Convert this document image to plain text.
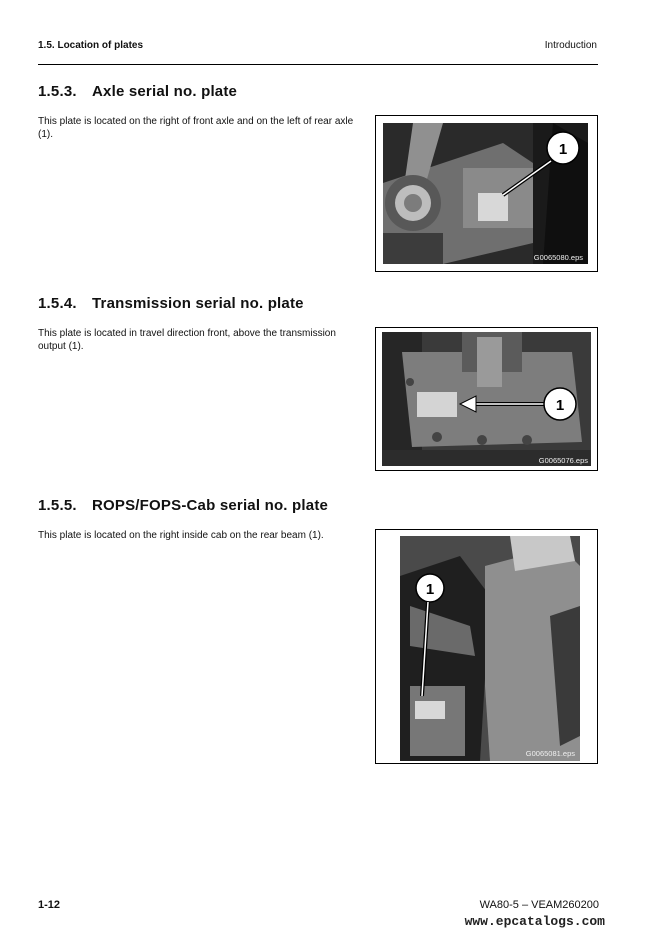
1.5. Location of plates	Introduction
1.5.3. Axle serial no. plate
This plate is located on the right of front axle and on the left of rear axle (1).
1
G0065080.eps
1.5.4. Transmission serial no. plate
This plate is located in travel direction front, above the transmission output (1).
1
G0065076.eps
1.5.5. ROPS/FOPS-Cab serial no. plate
This plate is located on the right inside cab on the rear beam (1).
1
G0065081.eps
1-12	WA80-5 – VEAM260200
www.epcatalogs.com
